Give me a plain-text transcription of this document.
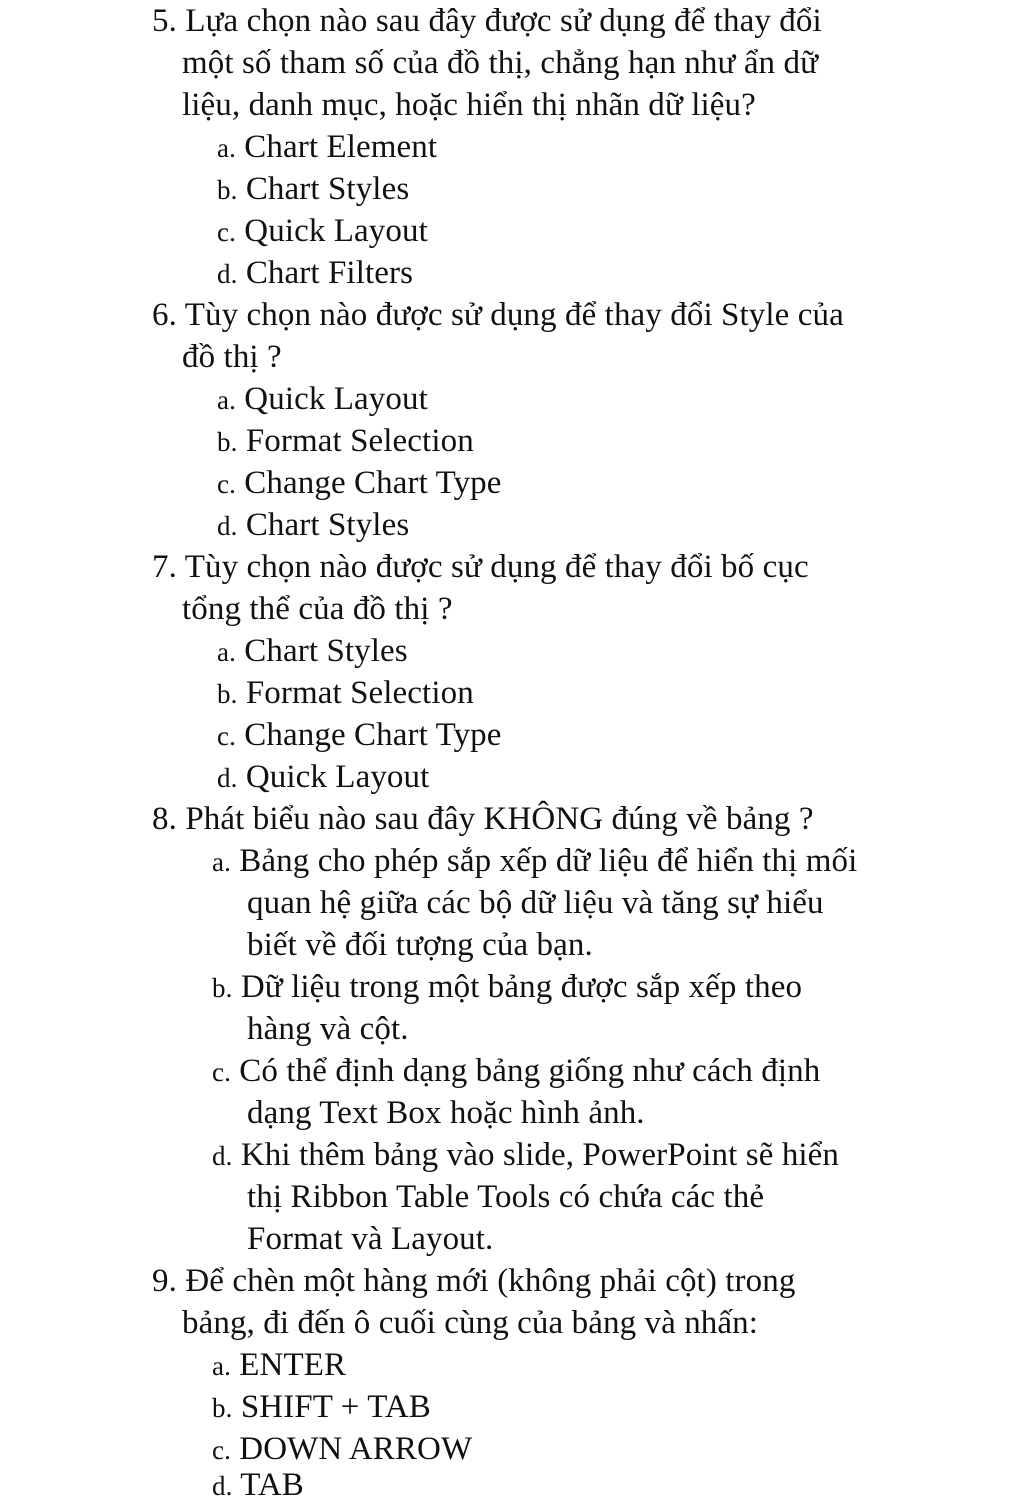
5. Lựa chọn nào sau đây được sử dụng để thay đổi
một số tham số của đồ thị, chẳng hạn như ẩn dữ
liệu, danh mục, hoặc hiển thị nhãn dữ liệu?
a. Chart Element
b. Chart Styles
c. Quick Layout
d. Chart Filters
6. Tùy chọn nào được sử dụng để thay đổi Style của
đồ thị ?
a. Quick Layout
b. Format Selection
c. Change Chart Type
d. Chart Styles
7. Tùy chọn nào được sử dụng để thay đổi bố cục
tổng thể của đồ thị ?
a. Chart Styles
b. Format Selection
c. Change Chart Type
d. Quick Layout
8. Phát biểu nào sau đây KHÔNG đúng về bảng ?
a. Bảng cho phép sắp xếp dữ liệu để hiển thị mối
quan hệ giữa các bộ dữ liệu và tăng sự hiểu
biết về đối tượng của bạn.
b. Dữ liệu trong một bảng được sắp xếp theo
hàng và cột.
c. Có thể định dạng bảng giống như cách định
dạng Text Box hoặc hình ảnh.
d. Khi thêm bảng vào slide, PowerPoint sẽ hiển
thị Ribbon Table Tools có chứa các thẻ
Format và Layout.
9. Để chèn một hàng mới (không phải cột) trong
bảng, đi đến ô cuối cùng của bảng và nhấn:
a. ENTER
b. SHIFT + TAB
c. DOWN ARROW
d. TAB
